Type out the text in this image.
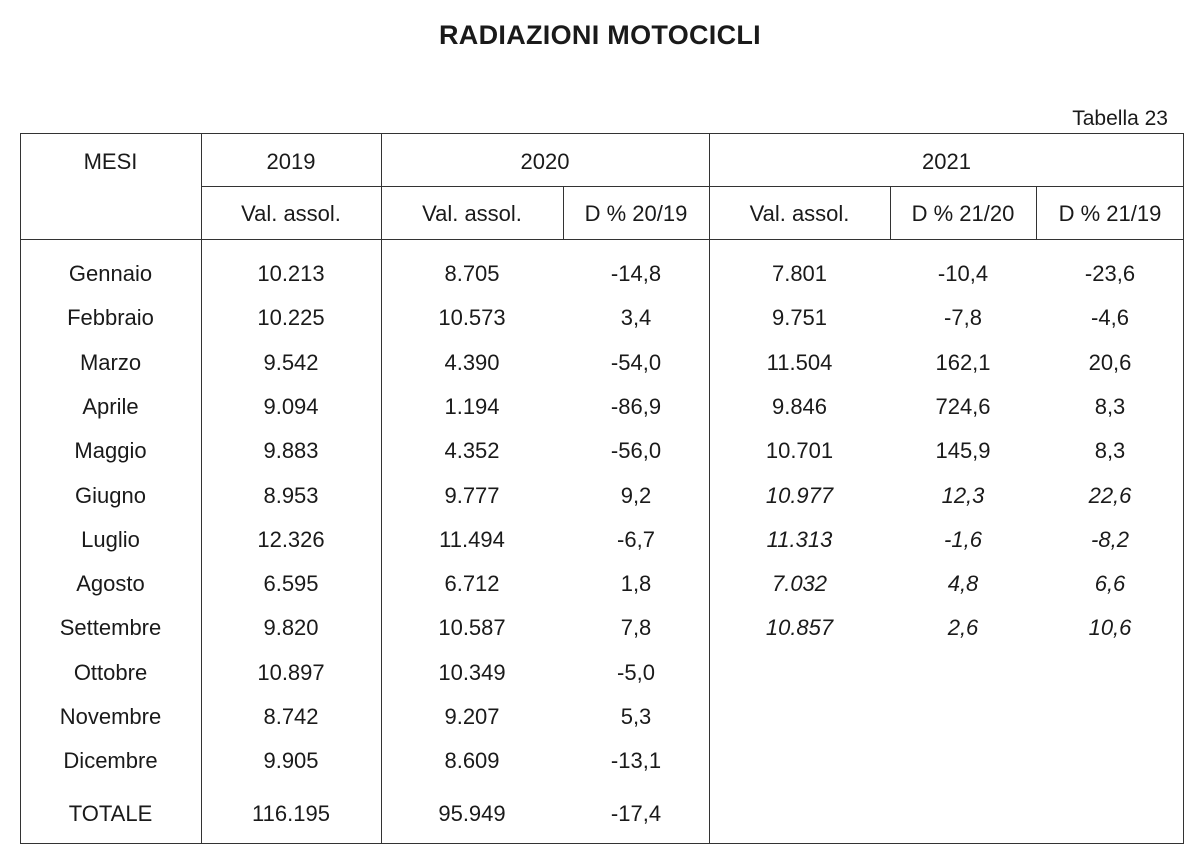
RADIAZIONI MOTOCICLI
Tabella 23
MESI	2019	2020	2021
Val. assol.	Val. assol.	D % 20/19	Val. assol.	D % 21/20	D % 21/19
Gennaio	10.213	8.705	-14,8	7.801	-10,4	-23,6
Febbraio	10.225	10.573	3,4	9.751	-7,8	-4,6
Marzo	9.542	4.390	-54,0	11.504	162,1	20,6
Aprile	9.094	1.194	-86,9	9.846	724,6	8,3
Maggio	9.883	4.352	-56,0	10.701	145,9	8,3
Giugno	8.953	9.777	9,2	10.977	12,3	22,6
Luglio	12.326	11.494	-6,7	11.313	-1,6	-8,2
Agosto	6.595	6.712	1,8	7.032	4,8	6,6
Settembre	9.820	10.587	7,8	10.857	2,6	10,6
Ottobre	10.897	10.349	-5,0
Novembre	8.742	9.207	5,3
Dicembre	9.905	8.609	-13,1
TOTALE	116.195	95.949	-17,4
